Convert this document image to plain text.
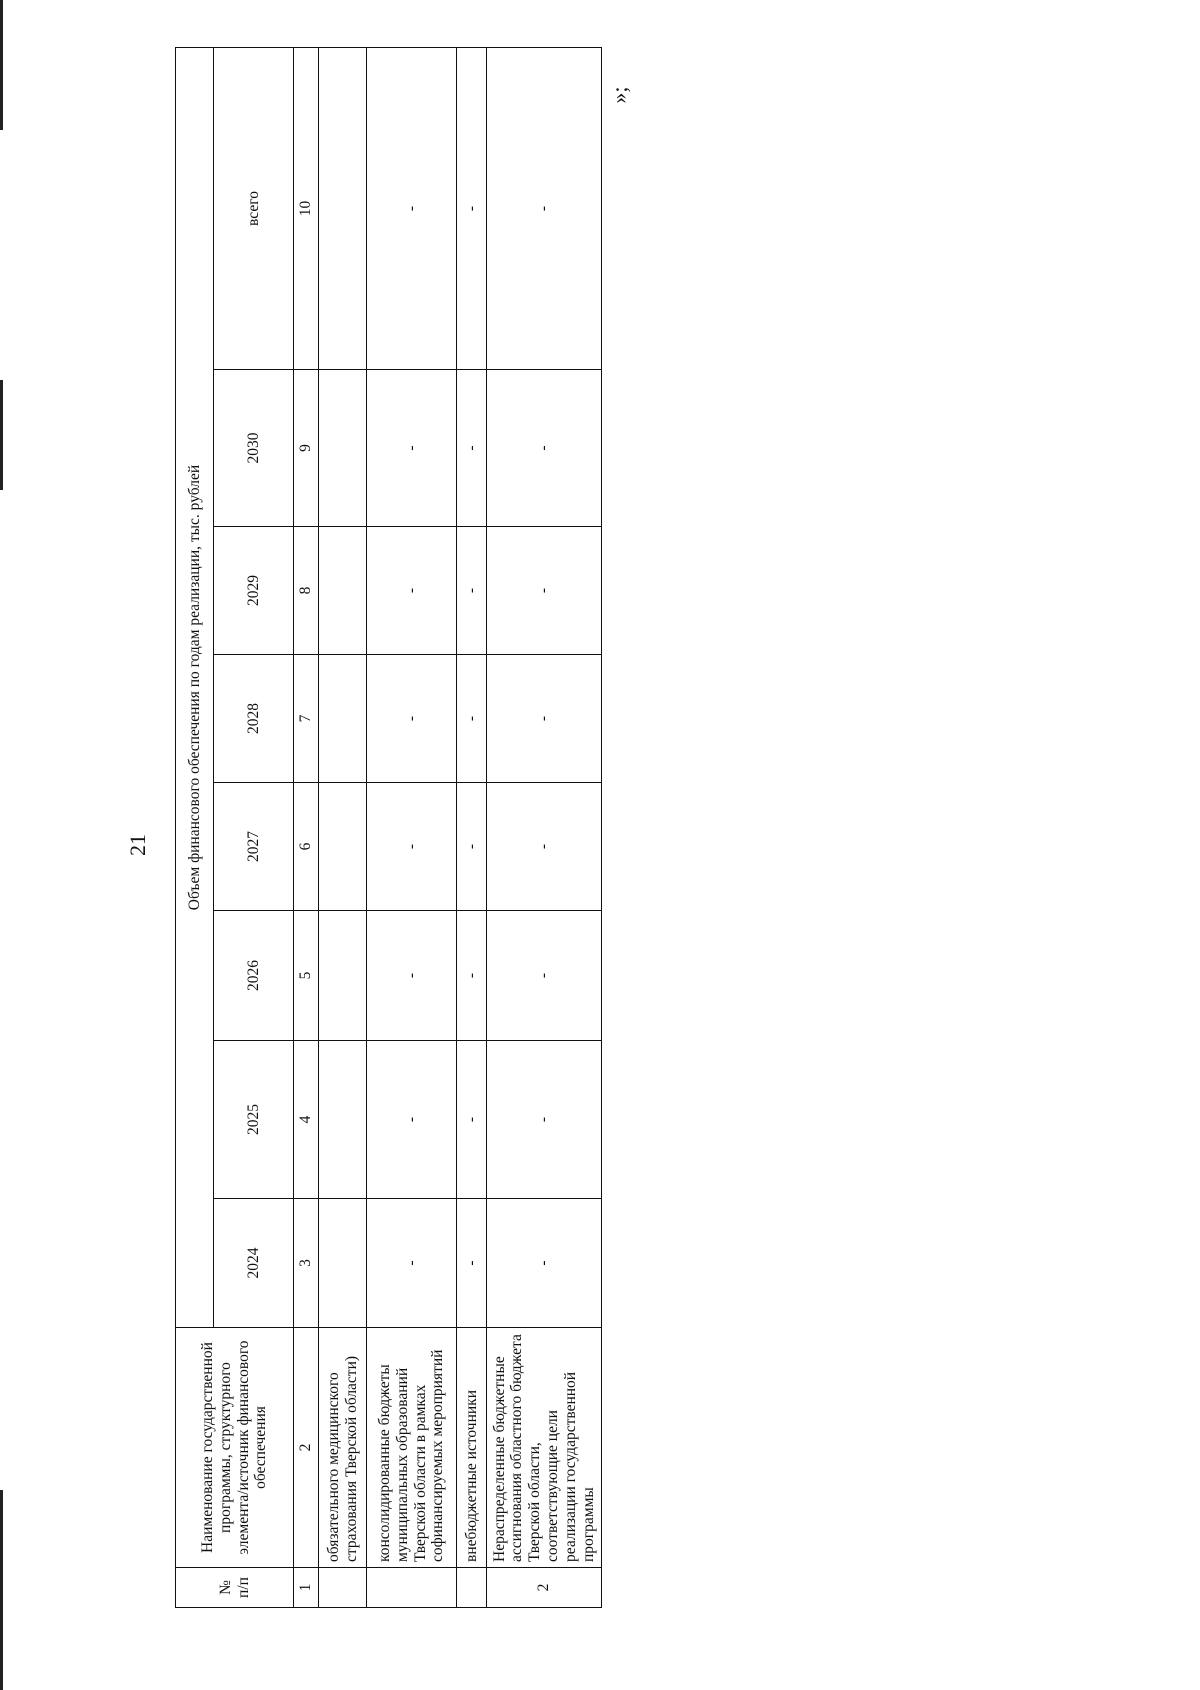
21
№ п/п	Наименование государственной программы, структурного элемента/источник финансового обеспечения	Объем финансового обеспечения по годам реализации, тыс. рублей							
		2024	2025	2026	2027	2028	2029	2030	всего
1	2	3	4	5	6	7	8	9	10
	обязательного медицинского страхования Тверской области)								
	консолидированные бюджеты муниципальных образований Тверской области в рамках софинансируемых мероприятий	-	-	-	-	-	-	-	-
	внебюджетные источники	-	-	-	-	-	-	-	-
2	Нераспределенные бюджетные ассигнования областного бюджета Тверской области, соответствующие цели реализации государственной программы	-	-	-	-	-	-	-	-
»;
